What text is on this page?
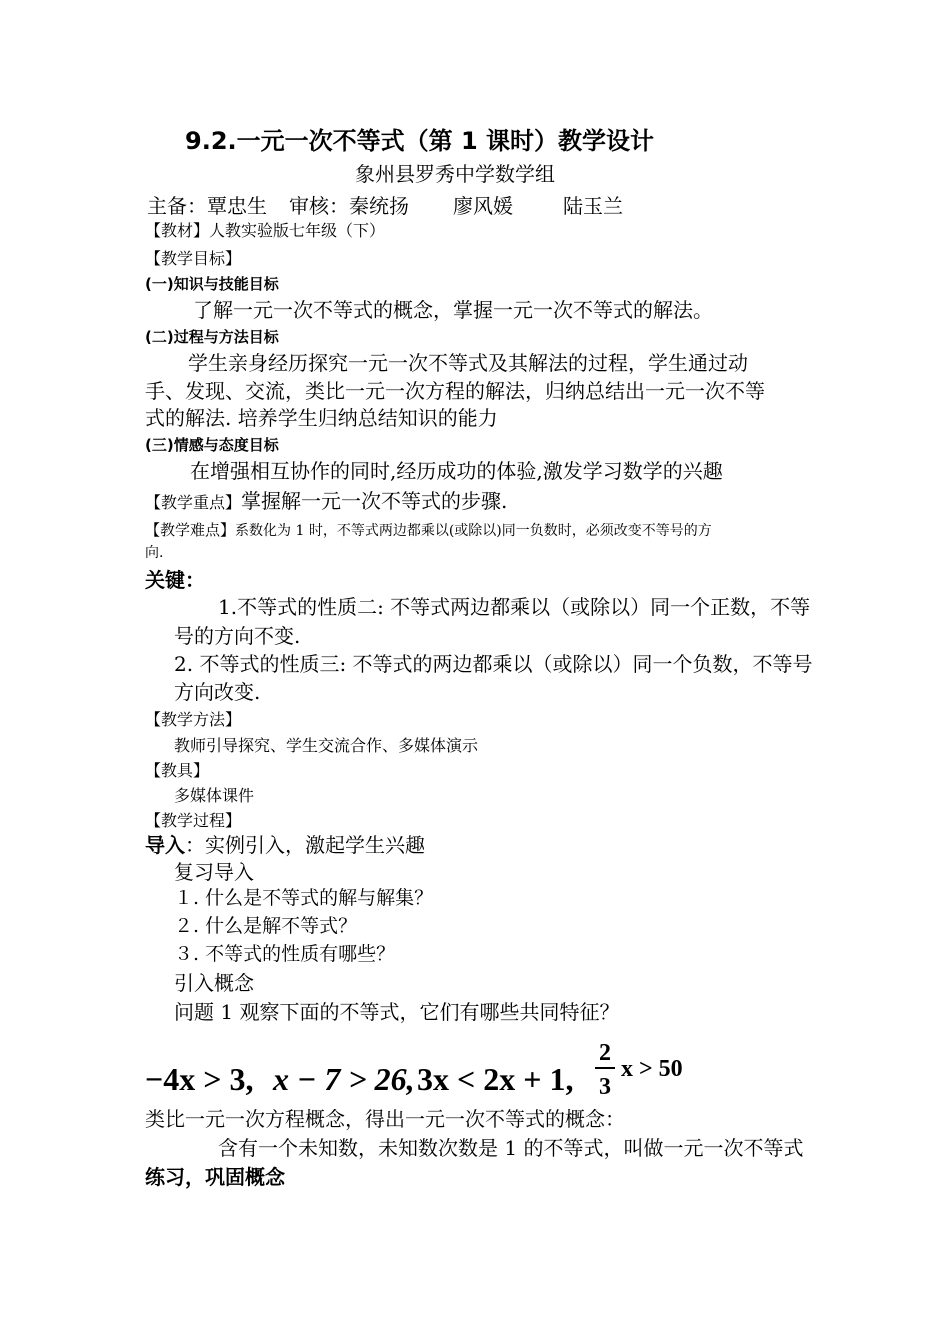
9.2.一元一次不等式（第 1 课时）教学设计
象州县罗秀中学数学组
主备：覃忠生 审核：秦统扬 廖风媛	陆玉兰
【教材】人教实验版七年级（下）
【教学目标】
(一)知识与技能目标
了解一元一次不等式的概念，掌握一元一次不等式的解法。
(二)过程与方法目标
学生亲身经历探究一元一次不等式及其解法的过程，学生通过动
手、发现、交流，类比一元一次方程的解法，归纳总结出一元一次不等
式的解法. 培养学生归纳总结知识的能力
(三)情感与态度目标
在增强相互协作的同时,经历成功的体验,激发学习数学的兴趣
【教学重点】掌握解一元一次不等式的步骤.
【教学难点】系数化为 1 时，不等式两边都乘以(或除以)同一负数时，必须改变不等号的方
向.
关键：
1.不等式的性质二: 不等式两边都乘以（或除以）同一个正数，不等
号的方向不变.
2. 不等式的性质三: 不等式的两边都乘以（或除以）同一个负数，不等号
方向改变.
【教学方法】
教师引导探究、学生交流合作、多媒体演示
【教具】
多媒体课件
【教学过程】
导入：实例引入，激起学生兴趣
复习导入
１. 什么是不等式的解与解集？
２. 什么是解不等式？
３. 不等式的性质有哪些？
引入概念
问题 1 观察下面的不等式，它们有哪些共同特征？
−4x > 3, x − 7 > 26, 3x < 2x + 1,
2
3
x > 50
类比一元一次方程概念，得出一元一次不等式的概念：
含有一个未知数，未知数次数是 1 的不等式，叫做一元一次不等式
练习，巩固概念
